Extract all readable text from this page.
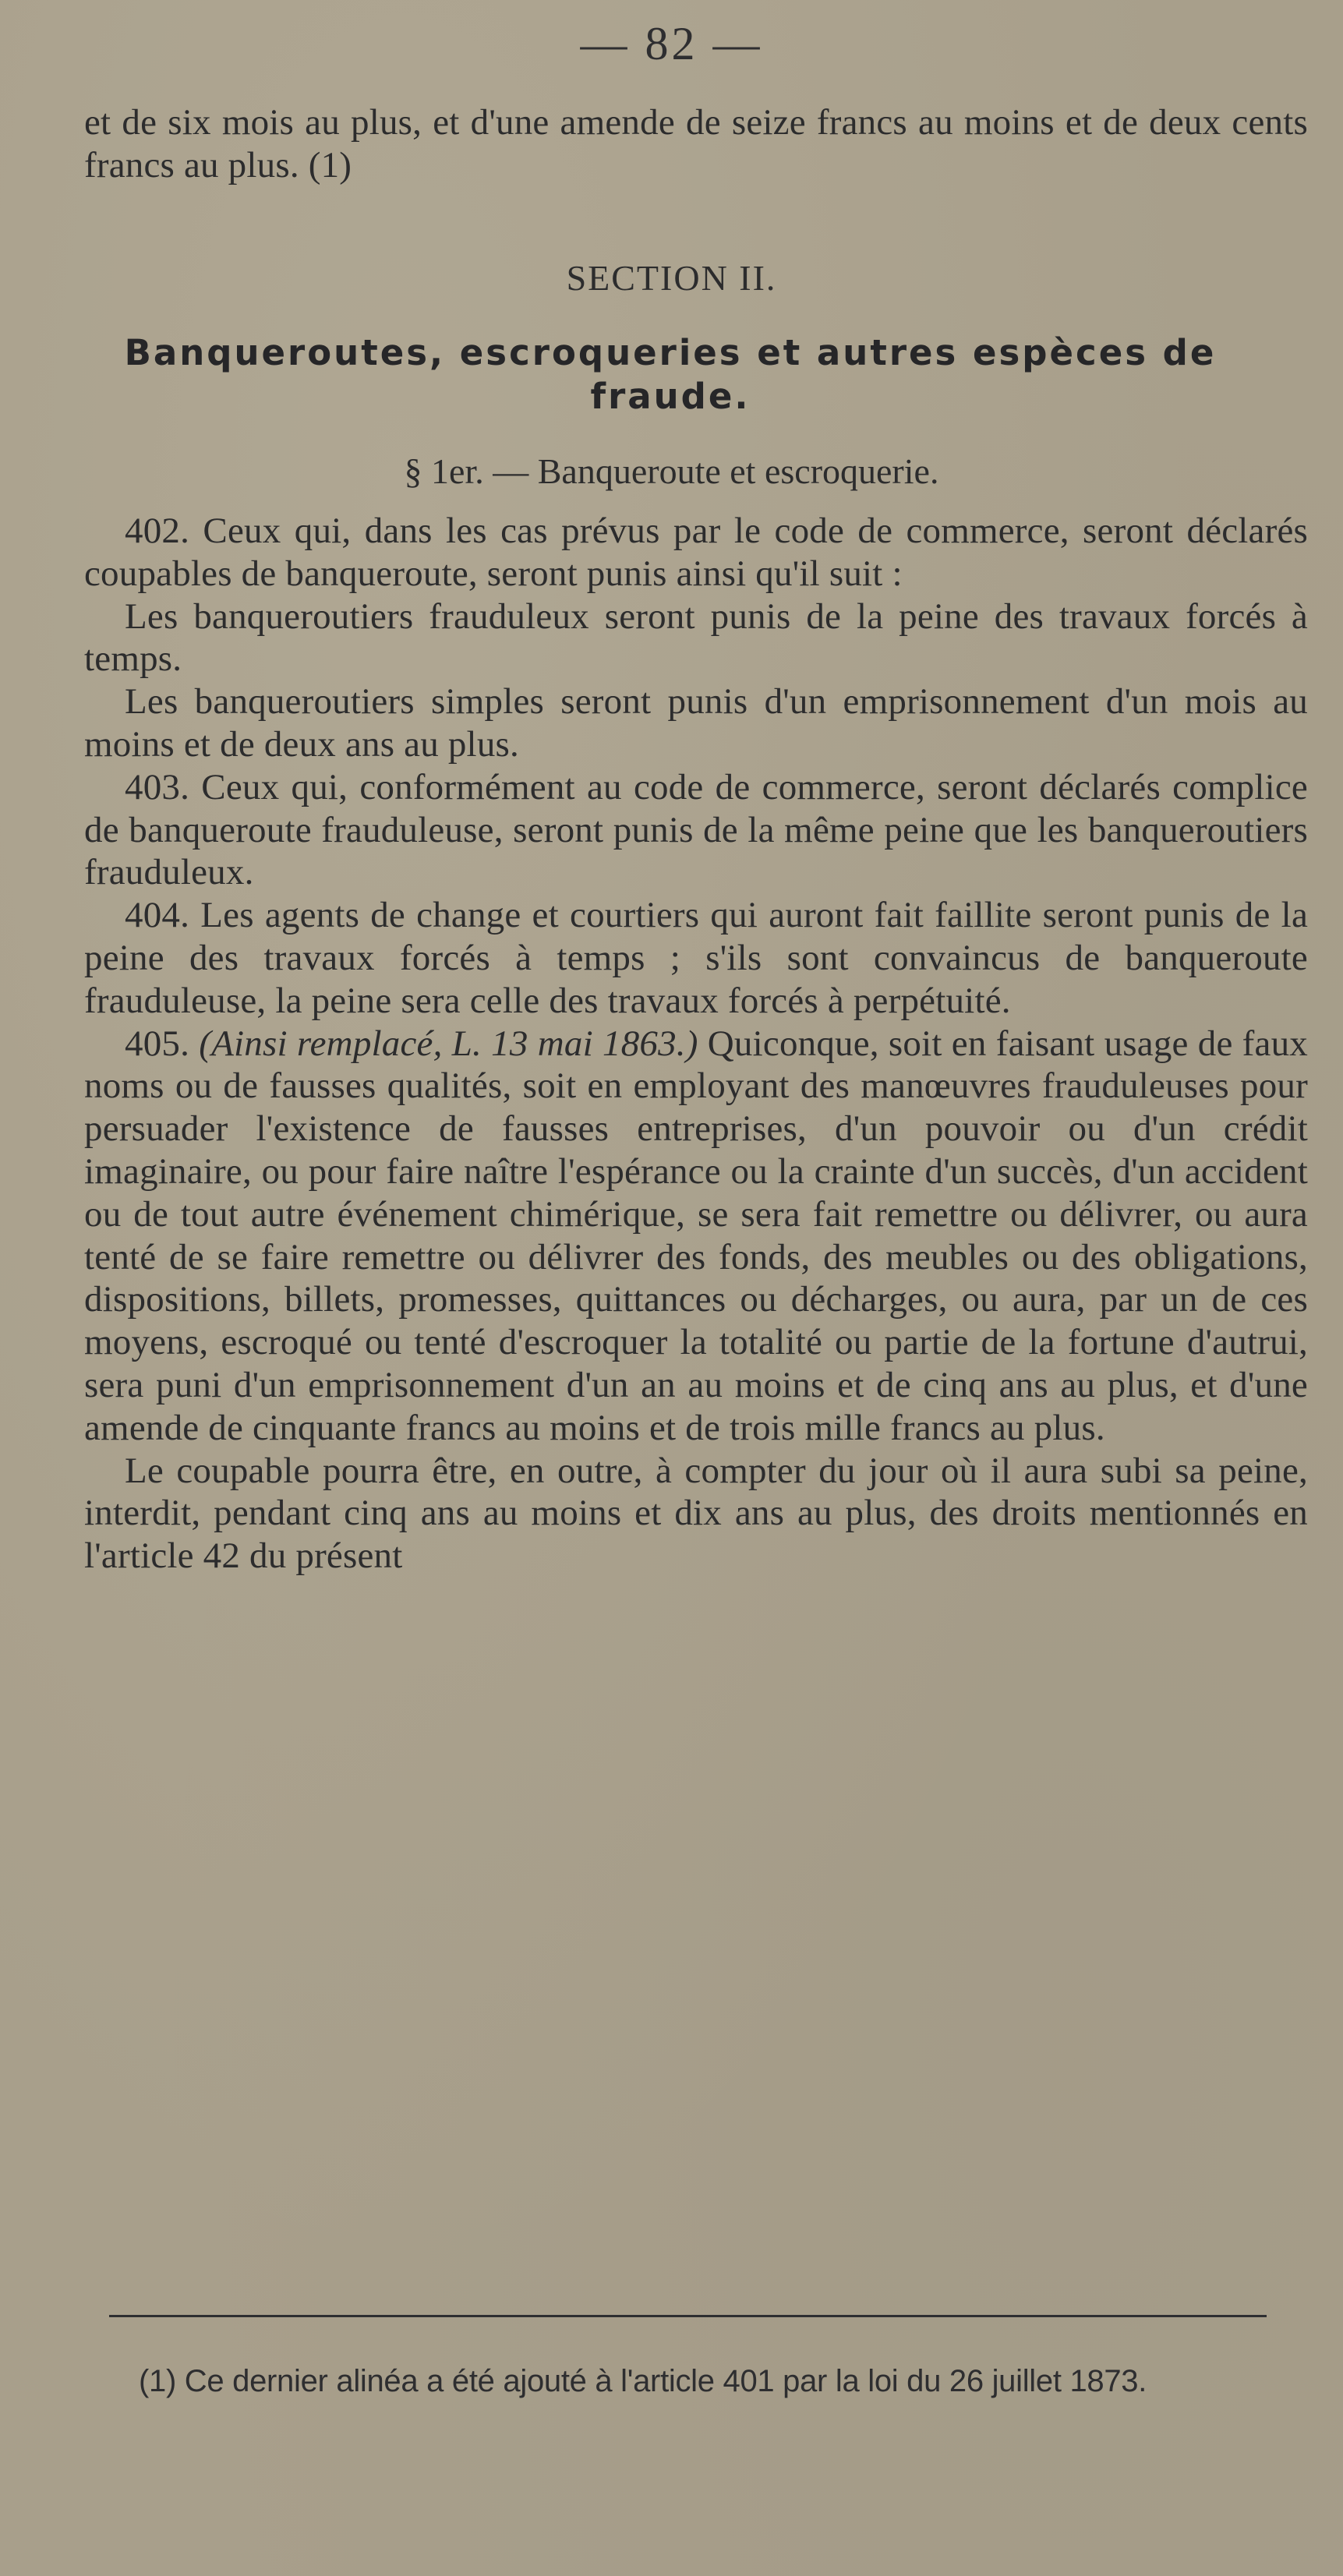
— 82 —
et de six mois au plus, et d'une amende de seize francs au moins et de deux cents francs au plus. (1)
SECTION II.
Banqueroutes, escroqueries et autres espèces de fraude.
§ 1er. — Banqueroute et escroquerie.

402. Ceux qui, dans les cas prévus par le code de commerce, seront déclarés coupables de banqueroute, seront punis ainsi qu'il suit :

Les banqueroutiers frauduleux seront punis de la peine des travaux forcés à temps.

Les banqueroutiers simples seront punis d'un emprisonnement d'un mois au moins et de deux ans au plus.

403. Ceux qui, conformément au code de commerce, seront déclarés complice de banqueroute frauduleuse, seront punis de la même peine que les banqueroutiers frauduleux.

404. Les agents de change et courtiers qui auront fait faillite seront punis de la peine des travaux forcés à temps ; s'ils sont convaincus de banqueroute frauduleuse, la peine sera celle des travaux forcés à perpétuité.

405. (Ainsi remplacé, L. 13 mai 1863.) Quiconque, soit en faisant usage de faux noms ou de fausses qualités, soit en employant des manœuvres frauduleuses pour persuader l'existence de fausses entreprises, d'un pouvoir ou d'un crédit imaginaire, ou pour faire naître l'espérance ou la crainte d'un succès, d'un accident ou de tout autre événement chimérique, se sera fait remettre ou délivrer, ou aura tenté de se faire remettre ou délivrer des fonds, des meubles ou des obligations, dispositions, billets, promesses, quittances ou décharges, ou aura, par un de ces moyens, escroqué ou tenté d'escroquer la totalité ou partie de la fortune d'autrui, sera puni d'un emprisonnement d'un an au moins et de cinq ans au plus, et d'une amende de cinquante francs au moins et de trois mille francs au plus.

Le coupable pourra être, en outre, à compter du jour où il aura subi sa peine, interdit, pendant cinq ans au moins et dix ans au plus, des droits mentionnés en l'article 42 du présent

(1) Ce dernier alinéa a été ajouté à l'article 401 par la loi du 26 juillet 1873.
